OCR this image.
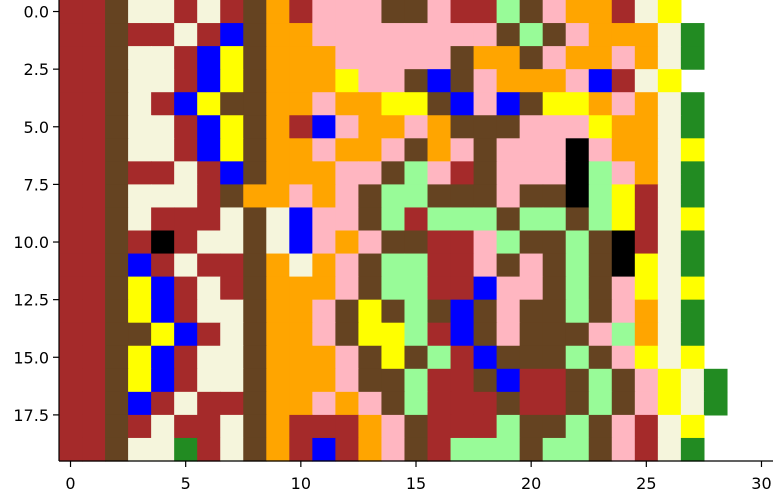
0	5	10	15	20	25	30
0.0
2.5
5.0
7.5
10.0
12.5
15.0
17.5
